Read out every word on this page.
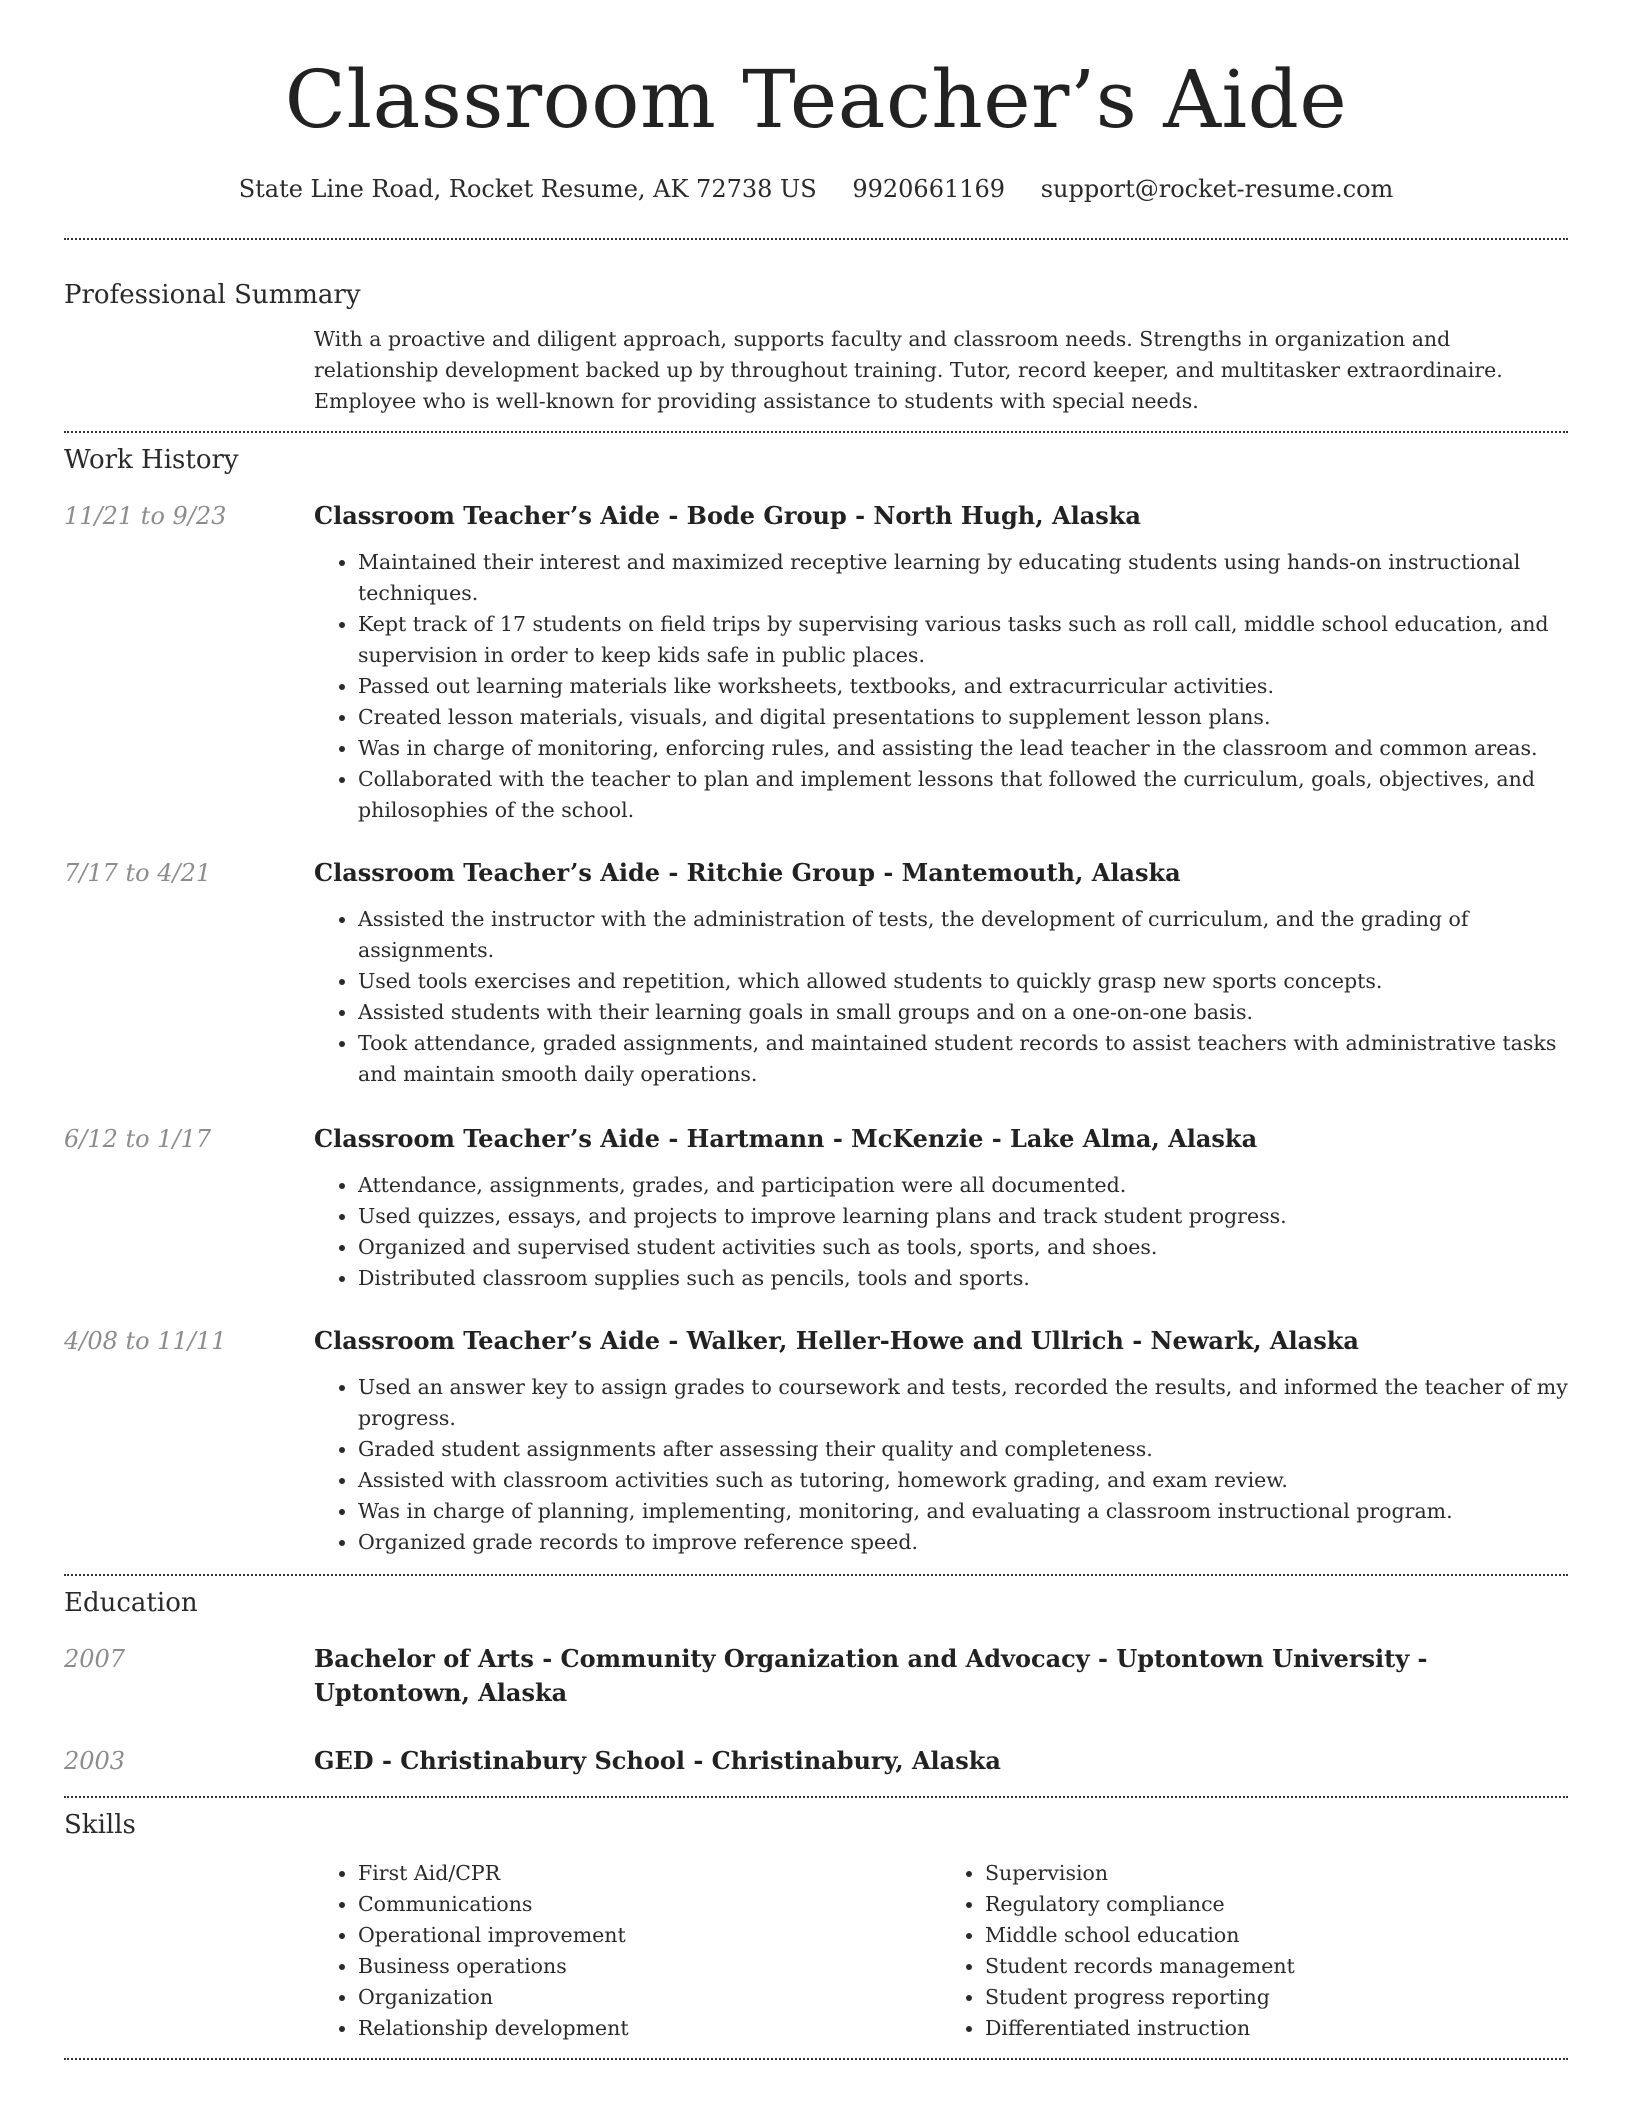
Classroom Teacher’s Aide
State Line Road, Rocket Resume, AK 72738 US 9920661169 support@rocket-resume.com
Professional Summary

With a proactive and diligent approach, supports faculty and classroom needs. Strengths in organization and relationship development backed up by throughout training. Tutor, record keeper, and multitasker extraordinaire. Employee who is well-known for providing assistance to students with special needs.

Work History
11/21 to 9/23	Classroom Teacher’s Aide - Bode Group - North Hugh, Alaska
• Maintained their interest and maximized receptive learning by educating students using hands-on instructional techniques.
• Kept track of 17 students on field trips by supervising various tasks such as roll call, middle school education, and supervision in order to keep kids safe in public places.
• Passed out learning materials like worksheets, textbooks, and extracurricular activities.
• Created lesson materials, visuals, and digital presentations to supplement lesson plans.
• Was in charge of monitoring, enforcing rules, and assisting the lead teacher in the classroom and common areas.
• Collaborated with the teacher to plan and implement lessons that followed the curriculum, goals, objectives, and philosophies of the school.
7/17 to 4/21	Classroom Teacher’s Aide - Ritchie Group - Mantemouth, Alaska
• Assisted the instructor with the administration of tests, the development of curriculum, and the grading of assignments.
• Used tools exercises and repetition, which allowed students to quickly grasp new sports concepts.
• Assisted students with their learning goals in small groups and on a one-on-one basis.
• Took attendance, graded assignments, and maintained student records to assist teachers with administrative tasks and maintain smooth daily operations.
6/12 to 1/17	Classroom Teacher’s Aide - Hartmann - McKenzie - Lake Alma, Alaska
• Attendance, assignments, grades, and participation were all documented.
• Used quizzes, essays, and projects to improve learning plans and track student progress.
• Organized and supervised student activities such as tools, sports, and shoes.
• Distributed classroom supplies such as pencils, tools and sports.
4/08 to 11/11	Classroom Teacher’s Aide - Walker, Heller-Howe and Ullrich - Newark, Alaska
• Used an answer key to assign grades to coursework and tests, recorded the results, and informed the teacher of my progress.
• Graded student assignments after assessing their quality and completeness.
• Assisted with classroom activities such as tutoring, homework grading, and exam review.
• Was in charge of planning, implementing, monitoring, and evaluating a classroom instructional program.
• Organized grade records to improve reference speed.
Education
2007	Bachelor of Arts - Community Organization and Advocacy - Uptontown University - Uptontown, Alaska
2003	GED - Christinabury School - Christinabury, Alaska
Skills
• First Aid/CPR
• Communications
• Operational improvement
• Business operations
• Organization
• Relationship development
• Supervision
• Regulatory compliance
• Middle school education
• Student records management
• Student progress reporting
• Differentiated instruction
